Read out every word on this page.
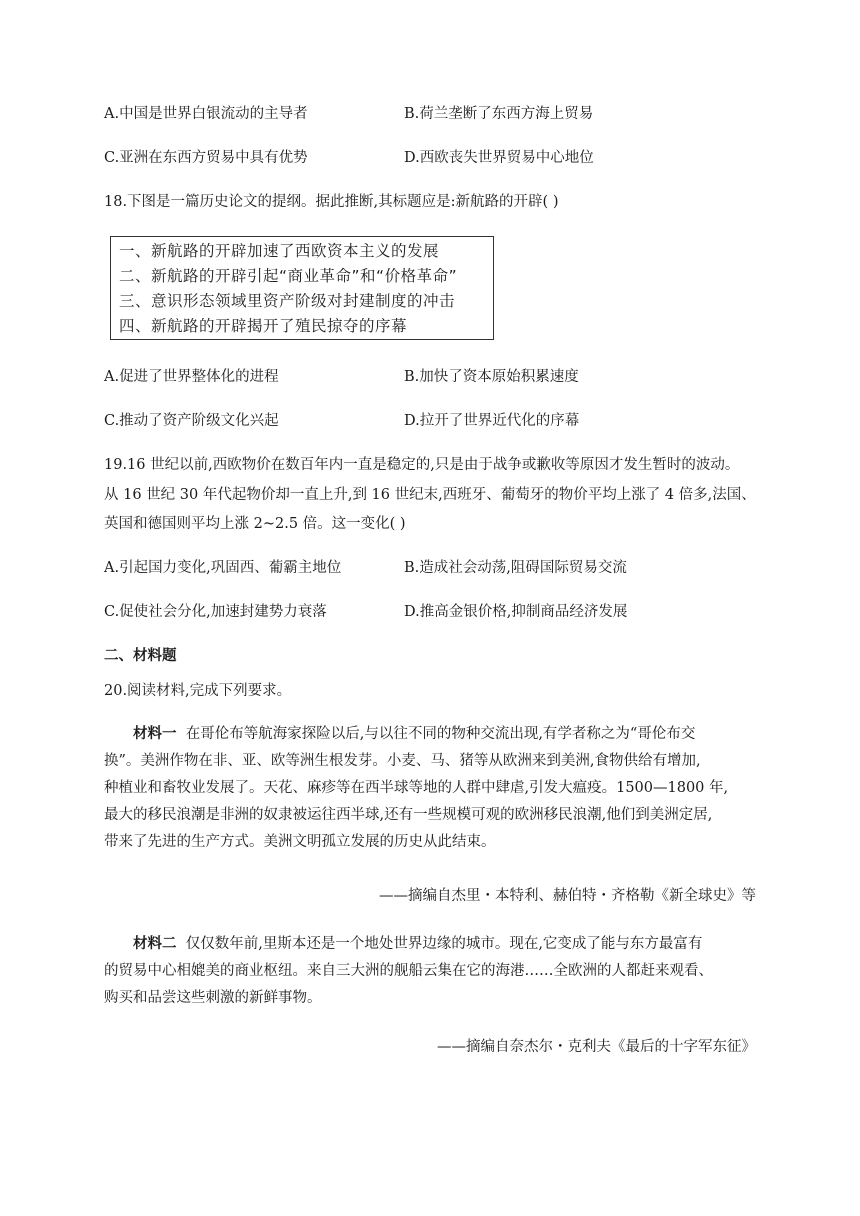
A.中国是世界白银流动的主导者	B.荷兰垄断了东西方海上贸易
C.亚洲在东西方贸易中具有优势	D.西欧丧失世界贸易中心地位
18.下图是一篇历史论文的提纲。据此推断,其标题应是:新航路的开辟( )
一、新航路的开辟加速了西欧资本主义的发展
二、新航路的开辟引起“商业革命”和“价格革命”
三、意识形态领域里资产阶级对封建制度的冲击
四、新航路的开辟揭开了殖民掠夺的序幕
A.促进了世界整体化的进程	B.加快了资本原始积累速度
C.推动了资产阶级文化兴起	D.拉开了世界近代化的序幕
19.16 世纪以前,西欧物价在数百年内一直是稳定的,只是由于战争或歉收等原因才发生暂时的波动。
从 16 世纪 30 年代起物价却一直上升,到 16 世纪末,西班牙、葡萄牙的物价平均上涨了 4 倍多,法国、
英国和德国则平均上涨 2~2.5 倍。这一变化( )
A.引起国力变化,巩固西、葡霸主地位	B.造成社会动荡,阻碍国际贸易交流
C.促使社会分化,加速封建势力衰落	D.推高金银价格,抑制商品经济发展
二、材料题
20.阅读材料,完成下列要求。
材料一 在哥伦布等航海家探险以后,与以往不同的物种交流出现,有学者称之为“哥伦布交
换”。美洲作物在非、亚、欧等洲生根发芽。小麦、马、猪等从欧洲来到美洲,食物供给有增加,
种植业和畜牧业发展了。天花、麻疹等在西半球等地的人群中肆虐,引发大瘟疫。1500—1800 年,
最大的移民浪潮是非洲的奴隶被运往西半球,还有一些规模可观的欧洲移民浪潮,他们到美洲定居,
带来了先进的生产方式。美洲文明孤立发展的历史从此结束。
——摘编自杰里・本特利、赫伯特・齐格勒《新全球史》等
材料二 仅仅数年前,里斯本还是一个地处世界边缘的城市。现在,它变成了能与东方最富有
的贸易中心相媲美的商业枢纽。来自三大洲的舰船云集在它的海港……全欧洲的人都赶来观看、
购买和品尝这些刺激的新鲜事物。
——摘编自奈杰尔・克利夫《最后的十字军东征》
